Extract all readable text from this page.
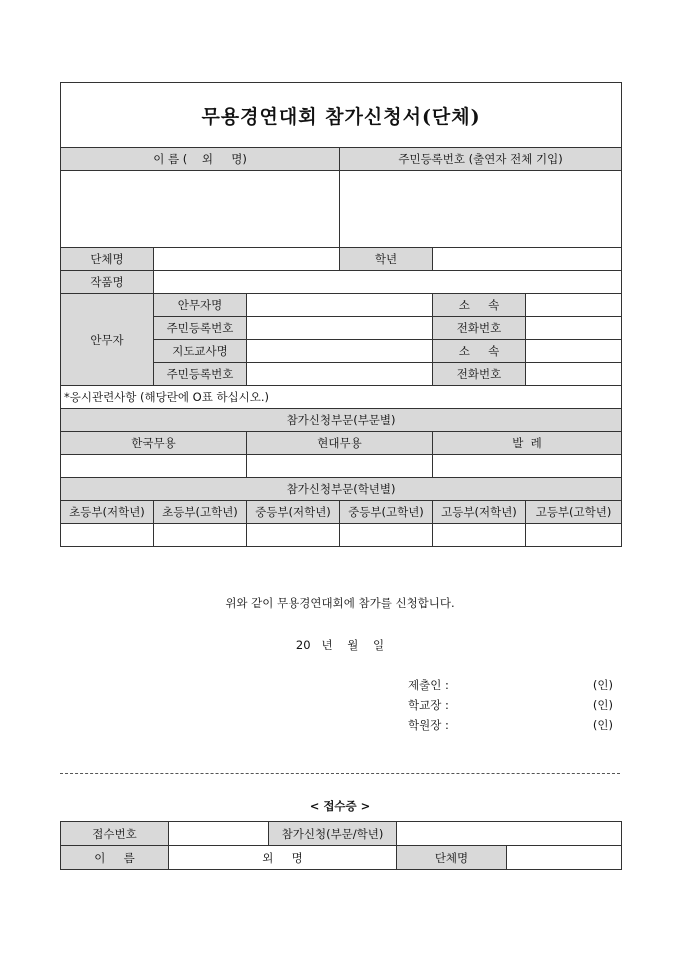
무용경연대회 참가신청서(단체)					
이 름 (    외     명)			주민등록번호 (출연자 전체 기입)		

단체명			학년		
작품명					
안무자	안무자명			소     속	
	주민등록번호			전화번호	
	지도교사명			소     속	
	주민등록번호			전화번호	
*응시관련사항 (해당란에 O표 하십시오.)					
참가신청부문(부문별)					
한국무용		현대무용		발  레	

참가신청부문(학년별)					
초등부(저학년)	초등부(고학년)	중등부(저학년)	중등부(고학년)	고등부(저학년)	고등부(고학년)

위와 같이 무용경연대회에 참가를 신청합니다.
20   년    월    일
제출인 :	(인)
학교장 :	(인)
학원장 :	(인)
< 접수증 >
접수번호		참가신청(부문/학년)		
이     름	외     명		단체명	
